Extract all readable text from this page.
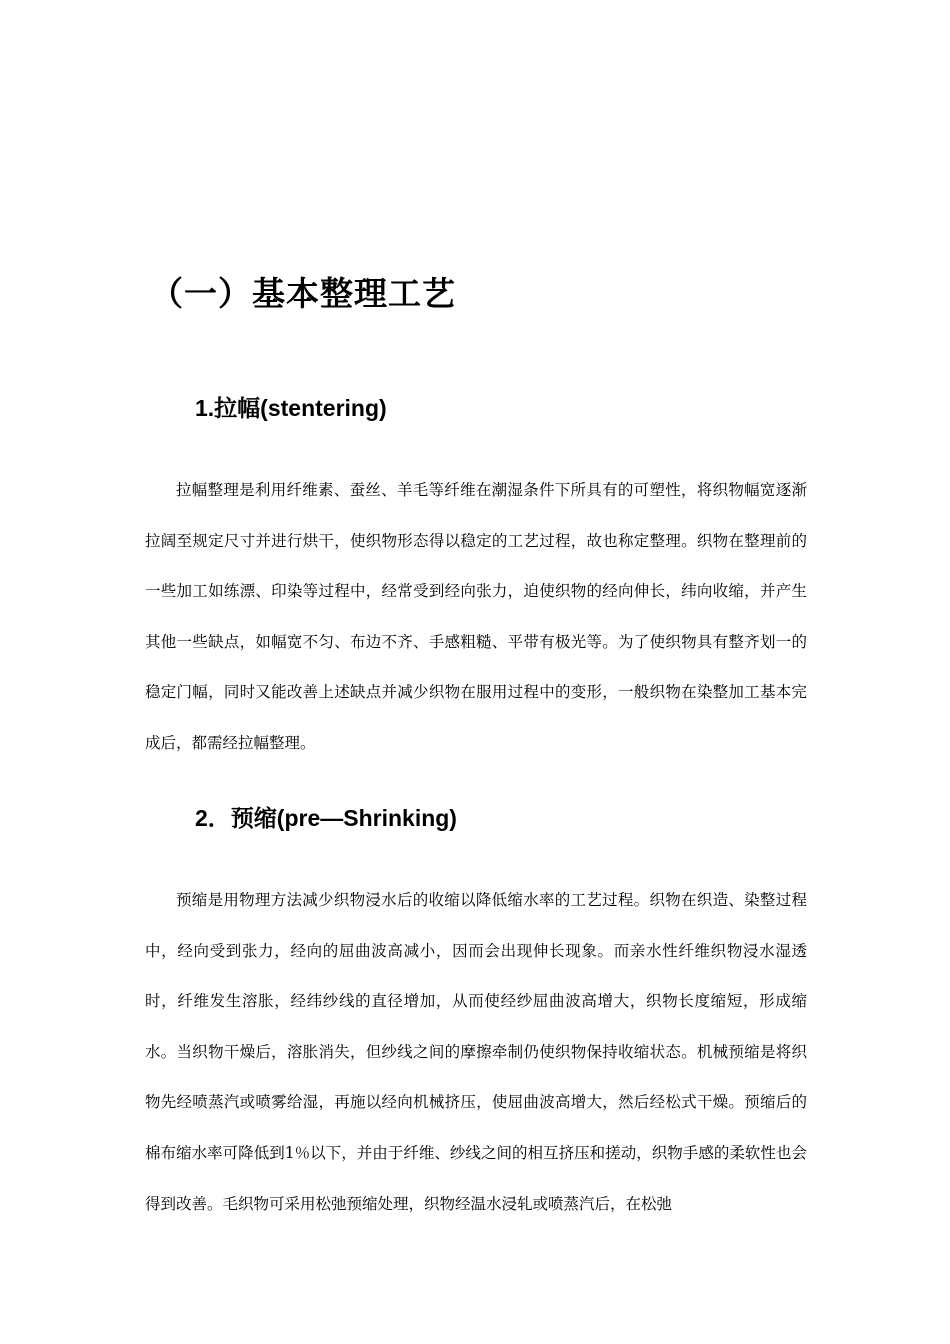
（一）基本整理工艺
1.拉幅(stentering)

拉幅整理是利用纤维素、蚕丝、羊毛等纤维在潮湿条件下所具有的可塑性，将织物幅宽逐渐拉阔至规定尺寸并进行烘干，使织物形态得以稳定的工艺过程，故也称定整理。织物在整理前的一些加工如练漂、印染等过程中，经常受到经向张力，迫使织物的经向伸长，纬向收缩，并产生其他一些缺点，如幅宽不匀、布边不齐、手感粗糙、平带有极光等。为了使织物具有整齐划一的稳定门幅，同时又能改善上述缺点并减少织物在服用过程中的变形，一般织物在染整加工基本完成后，都需经拉幅整理。

2．预缩(pre—Shrinking)

预缩是用物理方法减少织物浸水后的收缩以降低缩水率的工艺过程。织物在织造、染整过程中，经向受到张力，经向的屈曲波高减小，因而会出现伸长现象。而亲水性纤维织物浸水湿透时，纤维发生溶胀，经纬纱线的直径增加，从而使经纱屈曲波高增大，织物长度缩短，形成缩水。当织物干燥后，溶胀消失，但纱线之间的摩擦牵制仍使织物保持收缩状态。机械预缩是将织物先经喷蒸汽或喷雾给湿，再施以经向机械挤压，使屈曲波高增大，然后经松式干燥。预缩后的棉布缩水率可降低到1％以下，并由于纤维、纱线之间的相互挤压和搓动，织物手感的柔软性也会得到改善。毛织物可采用松弛预缩处理，织物经温水浸轧或喷蒸汽后，在松弛
